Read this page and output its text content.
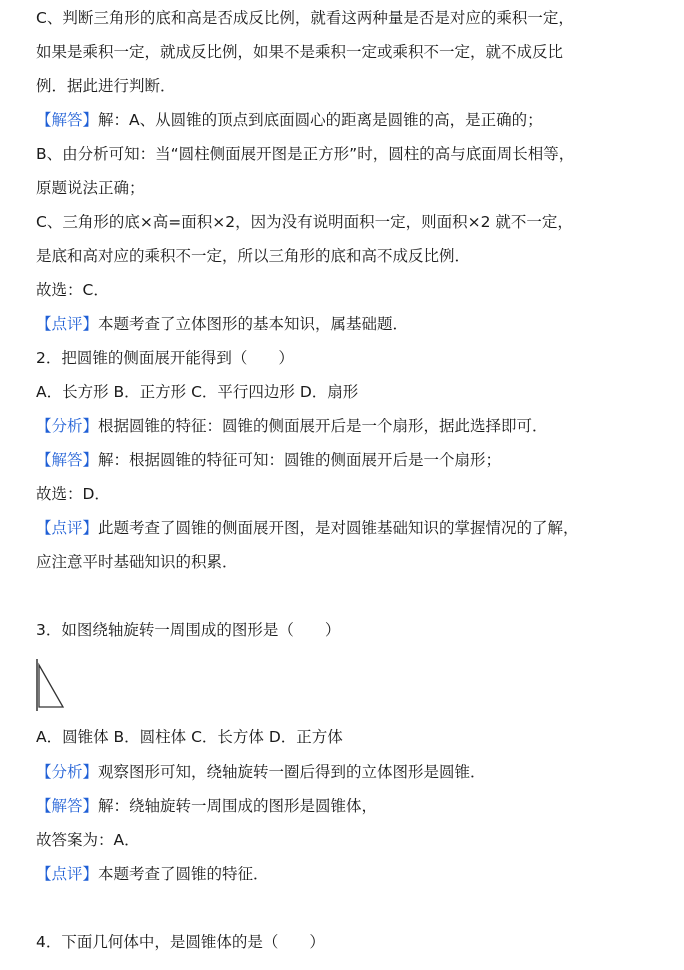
C、判断三角形的底和高是否成反比例，就看这两种量是否是对应的乘积一定，
如果是乘积一定，就成反比例，如果不是乘积一定或乘积不一定，就不成反比
例．据此进行判断．
【解答】解：A、从圆锥的顶点到底面圆心的距离是圆锥的高，是正确的；
B、由分析可知：当“圆柱侧面展开图是正方形”时，圆柱的高与底面周长相等，
原题说法正确；
C、三角形的底×高=面积×2，因为没有说明面积一定，则面积×2 就不一定，
是底和高对应的乘积不一定，所以三角形的底和高不成反比例．
故选：C．
【点评】本题考查了立体图形的基本知识，属基础题．
2．把圆锥的侧面展开能得到（　　）
A．长方形 B．正方形 C．平行四边形 D．扇形
【分析】根据圆锥的特征：圆锥的侧面展开后是一个扇形，据此选择即可．
【解答】解：根据圆锥的特征可知：圆锥的侧面展开后是一个扇形；
故选：D．
【点评】此题考查了圆锥的侧面展开图，是对圆锥基础知识的掌握情况的了解，
应注意平时基础知识的积累．
3．如图绕轴旋转一周围成的图形是（　　）
A．圆锥体 B．圆柱体 C．长方体 D．正方体
【分析】观察图形可知，绕轴旋转一圈后得到的立体图形是圆锥．
【解答】解：绕轴旋转一周围成的图形是圆锥体，
故答案为：A．
【点评】本题考查了圆锥的特征．
4．下面几何体中，是圆锥体的是（　　）
